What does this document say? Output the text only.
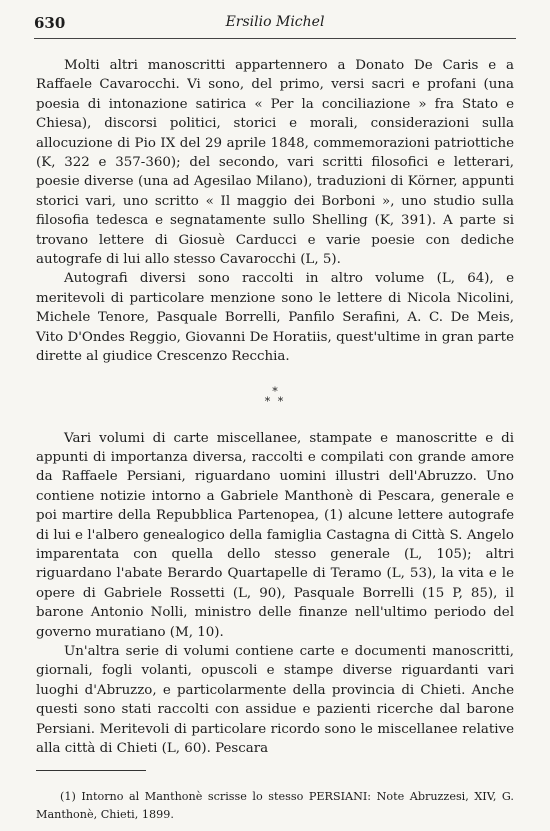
630	Ersilio Michel

Molti altri manoscritti appartennero a Donato De Caris e a Raffaele Cavarocchi. Vi sono, del primo, versi sacri e profani (una poesia di intonazione satirica « Per la conciliazione » fra Stato e Chiesa), discorsi politici, storici e morali, considerazioni sulla allocuzione di Pio IX del 29 aprile 1848, commemorazioni patriottiche (K, 322 e 357-360); del secondo, vari scritti filosofici e letterari, poesie diverse (una ad Agesilao Milano), traduzioni di Körner, appunti storici vari, uno scritto « Il maggio dei Borboni », uno studio sulla filosofia tedesca e segnatamente sullo Shelling (K, 391). A parte si trovano lettere di Giosuè Carducci e varie poesie con dediche autografe di lui allo stesso Cavarocchi (L, 5).

Autografi diversi sono raccolti in altro volume (L, 64), e meritevoli di particolare menzione sono le lettere di Nicola Nicolini, Michele Tenore, Pasquale Borrelli, Panfilo Serafini, A. C. De Meis, Vito D'Ondes Reggio, Giovanni De Horatiis, quest'ultime in gran parte dirette al giudice Crescenzo Recchia.

*
* *

Vari volumi di carte miscellanee, stampate e manoscritte e di appunti di importanza diversa, raccolti e compilati con grande amore da Raffaele Persiani, riguardano uomini illustri dell'Abruzzo. Uno contiene notizie intorno a Gabriele Manthonè di Pescara, generale e poi martire della Repubblica Partenopea, (1) alcune lettere autografe di lui e l'albero genealogico della famiglia Castagna di Città S. Angelo imparentata con quella dello stesso generale (L, 105); altri riguardano l'abate Berardo Quartapelle di Teramo (L, 53), la vita e le opere di Gabriele Rossetti (L, 90), Pasquale Borrelli (15 P, 85), il barone Antonio Nolli, ministro delle finanze nell'ultimo periodo del governo muratiano (M, 10).

Un'altra serie di volumi contiene carte e documenti manoscritti, giornali, fogli volanti, opuscoli e stampe diverse riguardanti vari luoghi d'Abruzzo, e particolarmente della provincia di Chieti. Anche questi sono stati raccolti con assidue e pazienti ricerche dal barone Persiani. Meritevoli di particolare ricordo sono le miscellanee relative alla città di Chieti (L, 60). Pescara

(1) Intorno al Manthonè scrisse lo stesso PERSIANI: Note Abruzzesi, XIV, G. Manthonè, Chieti, 1899.
